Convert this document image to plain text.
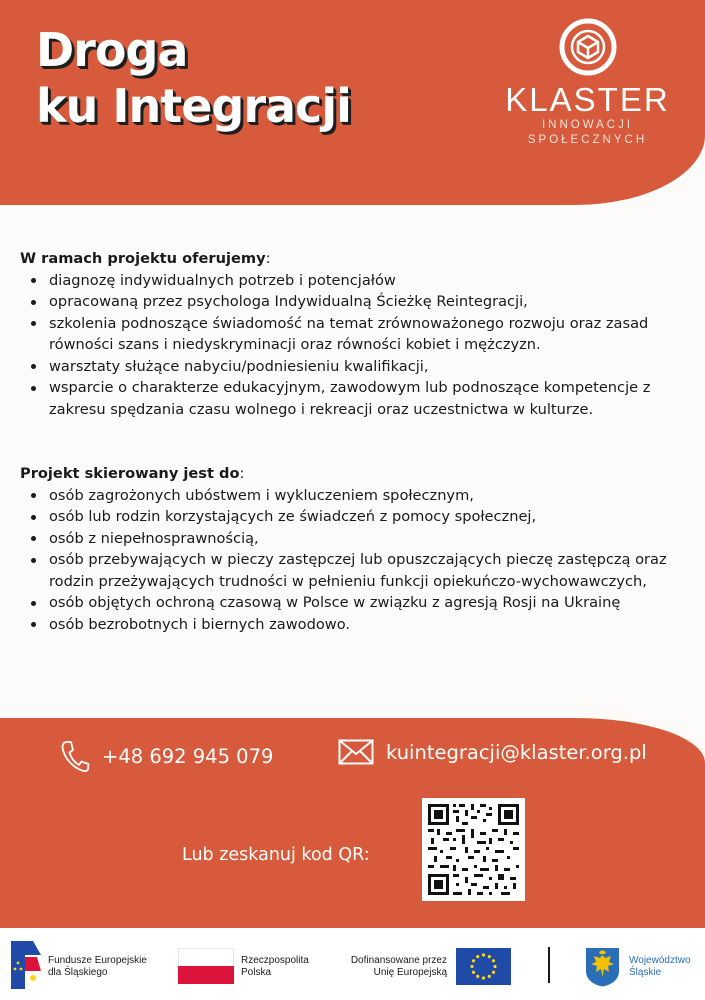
Droga
ku Integracji	KLASTER
INNOWACJI
SPOŁECZNYCH
W ramach projektu oferujemy:
diagnozę indywidualnych potrzeb i potencjałów
opracowaną przez psychologa Indywidualną Ścieżkę Reintegracji,
szkolenia podnoszące świadomość na temat zrównoważonego rozwoju oraz zasad równości szans i niedyskryminacji oraz równości kobiet i mężczyzn.
warsztaty służące nabyciu/podniesieniu kwalifikacji,
wsparcie o charakterze edukacyjnym, zawodowym lub podnoszące kompetencje z zakresu spędzania czasu wolnego i rekreacji oraz uczestnictwa w kulturze.
Projekt skierowany jest do:
osób zagrożonych ubóstwem i wykluczeniem społecznym,
osób lub rodzin korzystających ze świadczeń z pomocy społecznej,
osób z niepełnosprawnością,
osób przebywających w pieczy zastępczej lub opuszczających pieczę zastępczą oraz rodzin przeżywających trudności w pełnieniu funkcji opiekuńczo-wychowawczych,
osób objętych ochroną czasową w Polsce w związku z agresją Rosji na Ukrainę
osób bezrobotnych i biernych zawodowo.
+48 692 945 079	kuintegracji@klaster.org.pl
Lub zeskanuj kod QR:
Fundusze Europejskie
dla Śląskiego
Rzeczpospolita
Polska
Dofinansowane przez
Unię Europejską
Województwo
Śląskie
